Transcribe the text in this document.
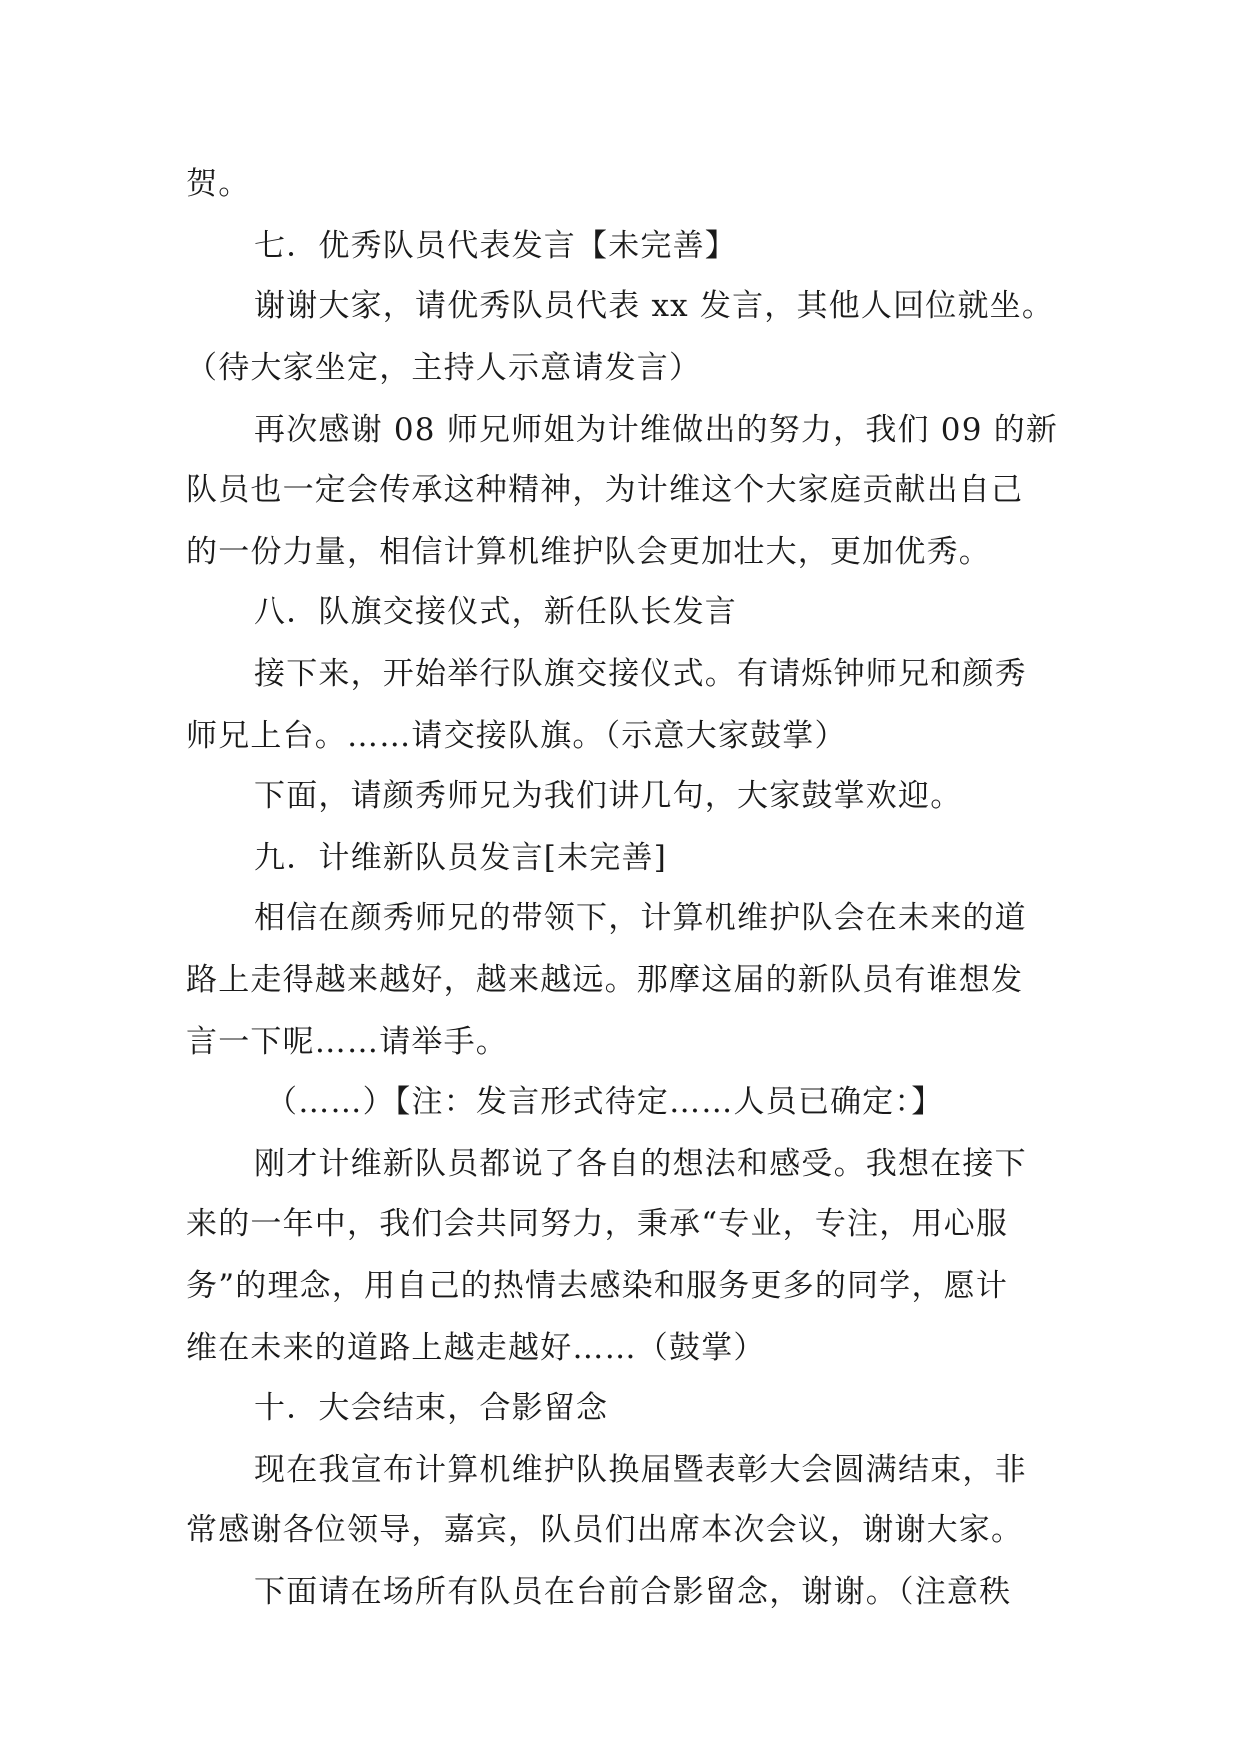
贺。
七．优秀队员代表发言【未完善】
谢谢大家，请优秀队员代表 xx 发言，其他人回位就坐。
（待大家坐定，主持人示意请发言）
再次感谢 08 师兄师姐为计维做出的努力，我们 09 的新
队员也一定会传承这种精神，为计维这个大家庭贡献出自己
的一份力量，相信计算机维护队会更加壮大，更加优秀。
八．队旗交接仪式，新任队长发言
接下来，开始举行队旗交接仪式。有请烁钟师兄和颜秀
师兄上台。……请交接队旗。（示意大家鼓掌）
下面，请颜秀师兄为我们讲几句，大家鼓掌欢迎。
九．计维新队员发言[未完善]
相信在颜秀师兄的带领下，计算机维护队会在未来的道
路上走得越来越好，越来越远。那摩这届的新队员有谁想发
言一下呢……请举手。
（……）【注：发言形式待定……人员已确定：】
刚才计维新队员都说了各自的想法和感受。我想在接下
来的一年中，我们会共同努力，秉承“专业，专注，用心服
务”的理念，用自己的热情去感染和服务更多的同学，愿计
维在未来的道路上越走越好……（鼓掌）
十．大会结束，合影留念
现在我宣布计算机维护队换届暨表彰大会圆满结束，非
常感谢各位领导，嘉宾，队员们出席本次会议，谢谢大家。
下面请在场所有队员在台前合影留念，谢谢。（注意秩
